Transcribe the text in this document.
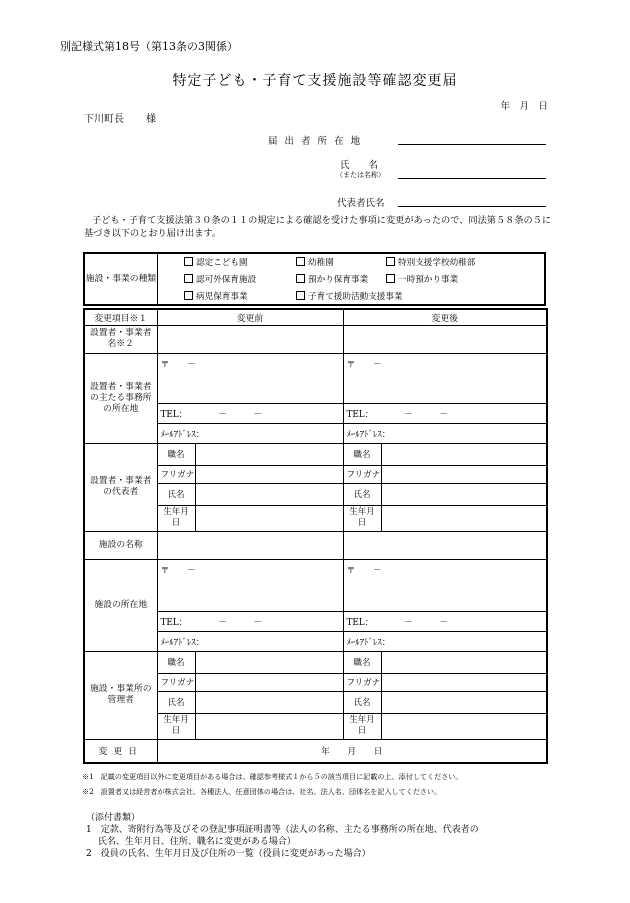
別記様式第18号（第13条の3関係）
特定子ども・子育て支援施設等確認変更届
年　月　日
下川町長 様
届 出 者 所 在 地
氏　　名
（または名称）
代表者氏名
子ども・子育て支援法第３０条の１１の規定による確認を受けた事項に変更があったので、同法第５８条の５に基づき以下のとおり届け出ます。
施設・事業の種類	
認定こども園	幼稚園	特別支援学校幼稚部
認可外保育施設	預かり保育事業	一時預かり事業
病児保育事業	子育て援助活動支援事業
変更項目※１	変更前		変更後	
設置者・事業者名※２				
設置者・事業者の主たる事務所の所在地	〒　　－		〒　　－	
	TEL：　　　　－　　　－		TEL：　　　　－　　　－	
	ﾒｰﾙｱﾄﾞﾚｽ：		ﾒｰﾙｱﾄﾞﾚｽ：	
設置者・事業者の代表者	職名		職名	
	フリガナ		フリガナ	
	氏名		氏名	
	生年月日		生年月日	
施設の名称				
施設の所在地	〒　　－		〒　　－	
	TEL：　　　　－　　　－		TEL：　　　　－　　　－	
	ﾒｰﾙｱﾄﾞﾚｽ：		ﾒｰﾙｱﾄﾞﾚｽ：	
施設・事業所の管理者	職名		職名	
	フリガナ		フリガナ	
	氏名		氏名	
	生年月日		生年月日	
変更日	年　　月　　日			
※1　記載の変更項目以外に変更項目がある場合は、確認参考様式１から５の該当項目に記載の上、添付してください。
※2　設置者又は経営者が株式会社、各種法人、任意団体の場合は、社名、法人名、団体名を記入してください。
（添付書類）
1　定款、寄附行為等及びその登記事項証明書等（法人の名称、主たる事務所の所在地、代表者の
　 氏名、生年月日、住所、職名に変更がある場合）
2　役員の氏名、生年月日及び住所の一覧（役員に変更があった場合）
